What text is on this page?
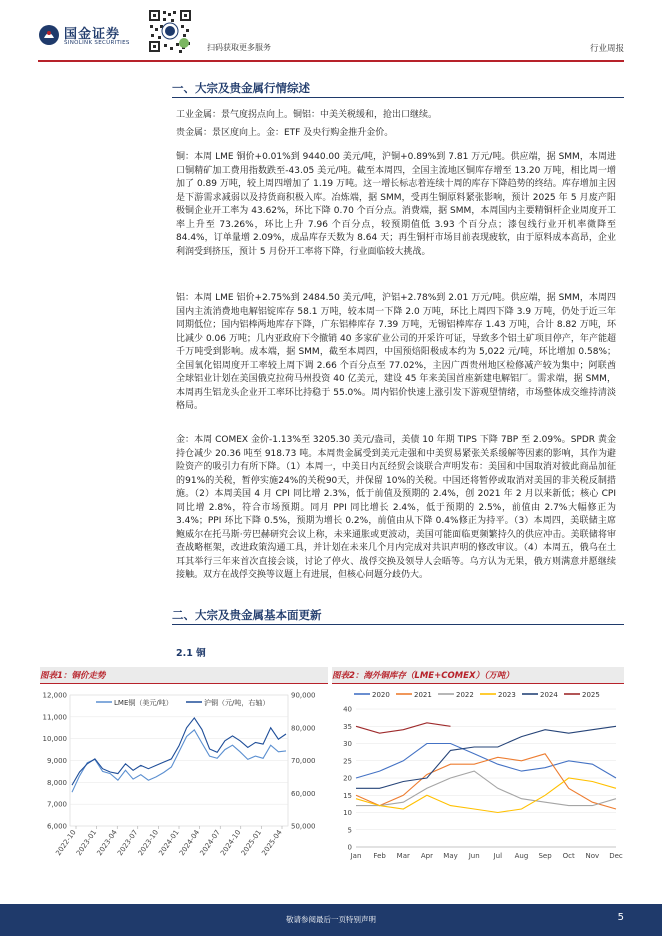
国金证券
SINOLINK SECURITIES	扫码获取更多服务	行业周报
一、大宗及贵金属行情综述

工业金属：景气度拐点向上。铜铝：中美关税缓和，抢出口继续。

贵金属：景区度向上。金：ETF 及央行购金推升金价。

铜：本周 LME 铜价+0.01%到 9440.00 美元/吨，沪铜+0.89%到 7.81 万元/吨。供应端，据 SMM，本周进口铜精矿加工费用指数跌至-43.05 美元/吨。截至本周四，全国主流地区铜库存增至 13.20 万吨，相比周一增加了 0.89 万吨，较上周四增加了 1.19 万吨。这一增长标志着连续十周的库存下降趋势的终结。库存增加主因是下游需求减弱以及持货商积极入库。冶炼端，据 SMM，受再生铜原料紧张影响，预计 2025 年 5 月废产阳极铜企业开工率为 43.62%，环比下降 0.70 个百分点。消费端，据 SMM，本周国内主要精铜杆企业周度开工率上升至 73.26%，环比上升 7.96 个百分点，较预期值低 3.93 个百分点；漆包线行业开机率微降至 84.4%，订单量增 2.09%，成品库存天数为 8.64 天；再生铜杆市场目前表现疲软，由于原料成本高昂，企业利润受到挤压，预计 5 月份开工率将下降，行业面临较大挑战。

铝：本周 LME 铝价+2.75%到 2484.50 美元/吨，沪铝+2.78%到 2.01 万元/吨。供应端，据 SMM，本周四国内主流消费地电解铝锭库存 58.1 万吨，较本周一下降 2.0 万吨，环比上周四下降 3.9 万吨，仍处于近三年同期低位；国内铝棒两地库存下降，广东铝棒库存 7.39 万吨，无锡铝棒库存 1.43 万吨，合计 8.82 万吨，环比减少 0.06 万吨；几内亚政府下令撤销 40 多家矿业公司的开采许可证，导致多个铝土矿项目停产，年产能超千万吨受到影响。成本端，据 SMM，截至本周四，中国预焙阳极成本约为 5,022 元/吨，环比增加 0.58%；全国氧化铝周度开工率较上周下调 2.66 个百分点至 77.02%，主因广西贵州地区检修减产较为集中；阿联酋全球铝业计划在美国俄克拉荷马州投资 40 亿美元，建设 45 年来美国首座新建电解铝厂。需求端，据 SMM，本周再生铝龙头企业开工率环比持稳于 55.0%。周内铝价快速上涨引发下游观望情绪，市场整体成交维持清淡格局。

金：本周 COMEX 金价-1.13%至 3205.30 美元/盎司，美债 10 年期 TIPS 下降 7BP 至 2.09%。SPDR 黄金持仓减少 20.36 吨至 918.73 吨。本周贵金属受到美元走强和中美贸易紧张关系缓解等因素的影响，其作为避险资产的吸引力有所下降。（1）本周一，中美日内瓦经贸会谈联合声明发布：美国和中国取消对彼此商品加征的91%的关税，暂停实施24%的关税90天，并保留 10%的关税。中国还将暂停或取消对美国的非关税反制措施。（2）本周美国 4 月 CPI 同比增 2.3%，低于前值及预期的 2.4%，创 2021 年 2 月以来新低；核心 CPI 同比增 2.8%，符合市场预期。同月 PPI 同比增长 2.4%，低于预期的 2.5%，前值由 2.7%大幅修正为 3.4%；PPI 环比下降 0.5%，预期为增长 0.2%，前值由从下降 0.4%修正为持平。（3）本周四，美联储主席鲍威尔在托马斯·劳巴赫研究会议上称，未来通胀或更波动，美国可能面临更频繁持久的供应冲击。美联储将审查战略框架，改进政策沟通工具，并计划在未来几个月内完成对共识声明的修改审议。（4）本周五，俄乌在土耳其举行三年来首次直接会谈，讨论了停火、战俘交换及领导人会晤等。乌方认为无果，俄方则满意并愿继续接触。双方在战俘交换等议题上有进展，但核心问题分歧仍大。

二、大宗及贵金属基本面更新
2.1 铜
图表1：铜价走势	图表2：海外铜库存（LME+COMEX）（万吨）
6,000
7,000
8,000
9,000
10,000
11,000
12,000
50,000
60,000
70,000
80,000
90,000
2022-10
2023-01
2023-04
2023-07
2023-10
2024-01
2024-04
2024-07
2024-10
2025-01
2025-04
LME铜（美元/吨）	沪铜（元/吨，右轴）
2020	2021	2022	2023	2024	2025
0
5
10
15
20
25
30
35
40
Jan Feb Mar Apr May Jun Jul Aug Sep Oct Nov Dec
敬请参阅最后一页特别声明	5
